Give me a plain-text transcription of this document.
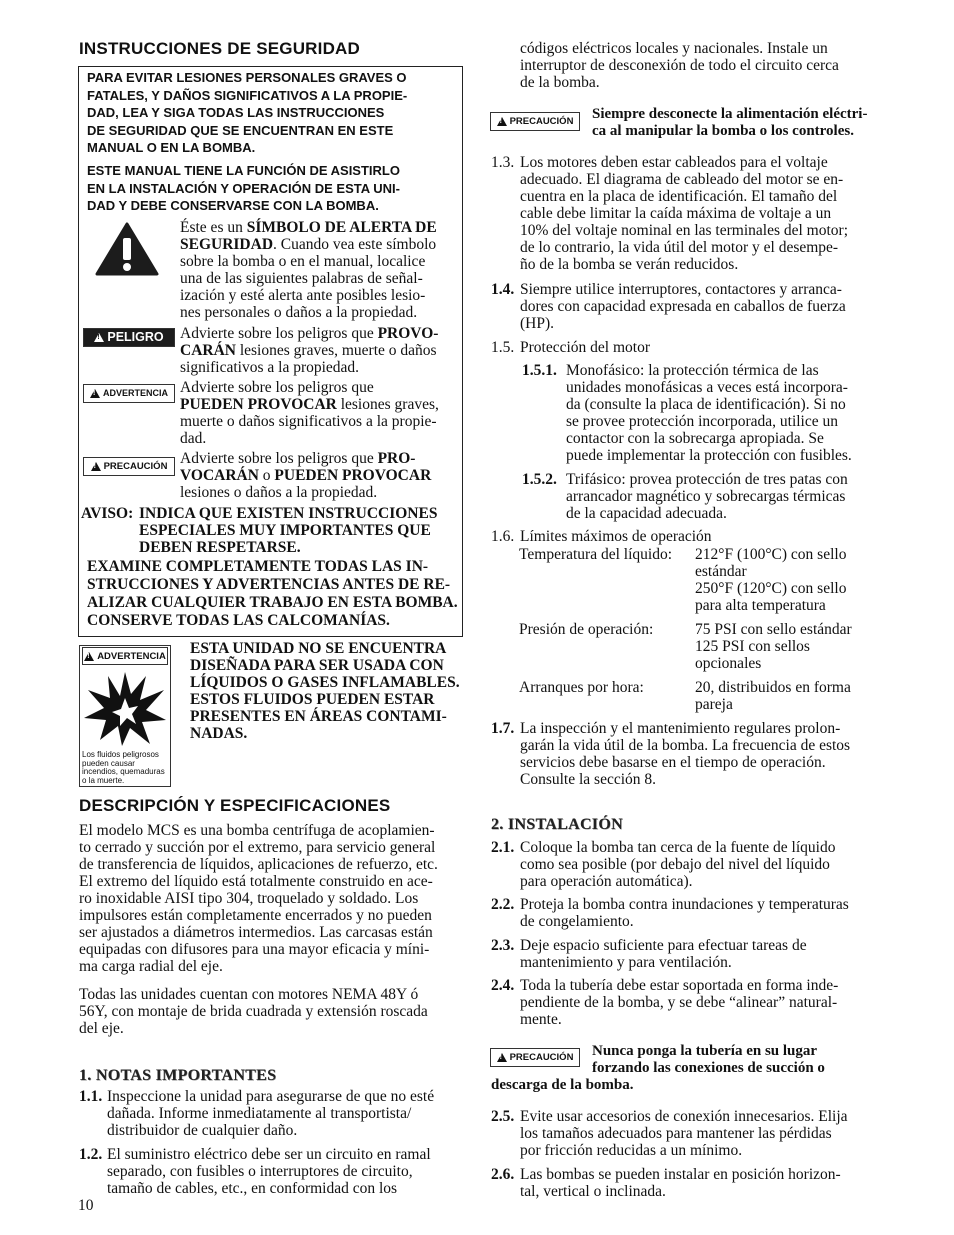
INSTRUCCIONES DE SEGURIDAD
PARA EVITAR LESIONES PERSONALES GRAVES O
FATALES, Y DAÑOS SIGNIFICATIVOS A LA PROPIE-
DAD, LEA Y SIGA TODAS LAS INSTRUCCIONES
DE SEGURIDAD QUE SE ENCUENTRAN EN ESTE
MANUAL O EN LA BOMBA.
ESTE MANUAL TIENE LA FUNCIÓN DE ASISTIRLO
EN LA INSTALACIÓN Y OPERACIÓN DE ESTA UNI-
DAD Y DEBE CONSERVARSE CON LA BOMBA.
Éste es un SÍMBOLO DE ALERTA DE
SEGURIDAD. Cuando vea este símbolo
sobre la bomba o en el manual, localice
una de las siguientes palabras de señal-
ización y esté alerta ante posibles lesio-
nes personales o daños a la propiedad.
!
PELIGRO Advierte sobre los peligros que PROVO-
CARÁN lesiones graves, muerte o daños
significativos a la propiedad.
!
ADVERTENCIA Advierte sobre los peligros que
PUEDEN PROVOCAR lesiones graves,
muerte o daños significativos a la propie-
dad.
!
PRECAUCIÓN Advierte sobre los peligros que PRO-
VOCARÁN o PUEDEN PROVOCAR
lesiones o daños a la propiedad.
AVISO: INDICA QUE EXISTEN INSTRUCCIONES
ESPECIALES MUY IMPORTANTES QUE
DEBEN RESPETARSE.
EXAMINE COMPLETAMENTE TODAS LAS IN-
STRUCCIONES Y ADVERTENCIAS ANTES DE RE-
ALIZAR CUALQUIER TRABAJO EN ESTA BOMBA.
CONSERVE TODAS LAS CALCOMANÍAS.
!
ADVERTENCIA
Los fluidos peligrosos
pueden causar
incendios, quemaduras
o la muerte.
ESTA UNIDAD NO SE ENCUENTRA
DISEÑADA PARA SER USADA CON
LÍQUIDOS O GASES INFLAMABLES.
ESTOS FLUIDOS PUEDEN ESTAR
PRESENTES EN ÁREAS CONTAMI-
NADAS.
DESCRIPCIÓN Y ESPECIFICACIONES
El modelo MCS es una bomba centrífuga de acoplamien-
to cerrado y succión por el extremo, para servicio general
de transferencia de líquidos, aplicaciones de refuerzo, etc.
El extremo del líquido está totalmente construido en ace-
ro inoxidable AISI tipo 304, troquelado y soldado. Los
impulsores están completamente encerrados y no pueden
ser ajustados a diámetros intermedios. Las carcasas están
equipadas con difusores para una mayor eficacia y míni-
ma carga radial del eje.
Todas las unidades cuentan con motores NEMA 48Y ó
56Y, con montaje de brida cuadrada y extensión roscada
del eje.
1. NOTAS IMPORTANTES
1.1. Inspeccione la unidad para asegurarse de que no esté
dañada. Informe inmediatamente al transportista/
distribuidor de cualquier daño.
1.2. El suministro eléctrico debe ser un circuito en ramal
separado, con fusibles o interruptores de circuito,
tamaño de cables, etc., en conformidad con los
10
códigos eléctricos locales y nacionales. Instale un
interruptor de desconexión de todo el circuito cerca
de la bomba.
!
PRECAUCIÓN Siempre desconecte la alimentación eléctri-
ca al manipular la bomba o los controles.
1.3. Los motores deben estar cableados para el voltaje
adecuado. El diagrama de cableado del motor se en-
cuentra en la placa de identificación. El tamaño del
cable debe limitar la caída máxima de voltaje a un
10% del voltaje nominal en las terminales del motor;
de lo contrario, la vida útil del motor y el desempe-
ño de la bomba se verán reducidos.
1.4. Siempre utilice interruptores, contactores y arranca-
dores con capacidad expresada en caballos de fuerza
(HP).
1.5. Protección del motor
1.5.1. Monofásico: la protección térmica de las
unidades monofásicas a veces está incorpora-
da (consulte la placa de identificación). Si no
se provee protección incorporada, utilice un
contactor con la sobrecarga apropiada. Se
puede implementar la protección con fusibles.
1.5.2. Trifásico: provea protección de tres patas con
arrancador magnético y sobrecargas térmicas
de la capacidad adecuada.
1.6. Límites máximos de operación
Temperatura del líquido: 212°F (100°C) con sello
estándar
250°F (120°C) con sello
para alta temperatura
Presión de operación:	75 PSI con sello estándar
125 PSI con sellos
opcionales
Arranques por hora:	20, distribuidos en forma
pareja
1.7. La inspección y el mantenimiento regulares prolon-
garán la vida útil de la bomba. La frecuencia de estos
servicios debe basarse en el tiempo de operación.
Consulte la sección 8.
2. INSTALACIÓN
2.1. Coloque la bomba tan cerca de la fuente de líquido
como sea posible (por debajo del nivel del líquido
para operación automática).
2.2. Proteja la bomba contra inundaciones y temperaturas
de congelamiento.
2.3. Deje espacio suficiente para efectuar tareas de
mantenimiento y para ventilación.
2.4. Toda la tubería debe estar soportada en forma inde-
pendiente de la bomba, y se debe “alinear” natural-
mente.
!
PRECAUCIÓN Nunca ponga la tubería en su lugar
forzando las conexiones de succión o
descarga de la bomba.
2.5. Evite usar accesorios de conexión innecesarios. Elija
los tamaños adecuados para mantener las pérdidas
por fricción reducidas a un mínimo.
2.6. Las bombas se pueden instalar en posición horizon-
tal, vertical o inclinada.
